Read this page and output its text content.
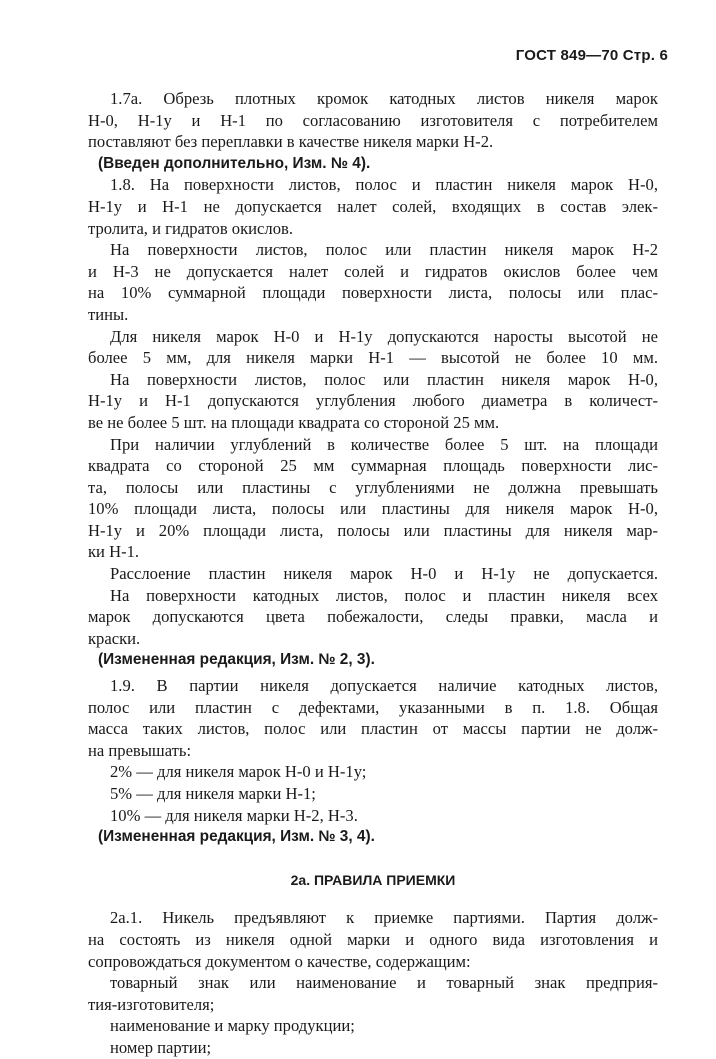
ГОСТ 849—70 Стр. 6
1.7а. Обрезь плотных кромок катодных листов никеля марок
Н-0, Н-1у и Н-1 по согласованию изготовителя с потребителем
поставляют без переплавки в качестве никеля марки Н-2.
(Введен дополнительно, Изм. № 4).
1.8. На поверхности листов, полос и пластин никеля марок Н-0,
Н-1у и Н-1 не допускается налет солей, входящих в состав элек-
тролита, и гидратов окислов.
На поверхности листов, полос или пластин никеля марок Н-2
и Н-3 не допускается налет солей и гидратов окислов более чем
на 10% суммарной площади поверхности листа, полосы или плас-
тины.
Для никеля марок Н-0 и Н-1у допускаются наросты высотой не
более 5 мм, для никеля марки Н-1 — высотой не более 10 мм.
На поверхности листов, полос или пластин никеля марок Н-0,
Н-1у и Н-1 допускаются углубления любого диаметра в количест-
ве не более 5 шт. на площади квадрата со стороной 25 мм.
При наличии углублений в количестве более 5 шт. на площади
квадрата со стороной 25 мм суммарная площадь поверхности лис-
та, полосы или пластины с углублениями не должна превышать
10% площади листа, полосы или пластины для никеля марок Н-0,
Н-1у и 20% площади листа, полосы или пластины для никеля мар-
ки Н-1.
Расслоение пластин никеля марок Н-0 и Н-1у не допускается.
На поверхности катодных листов, полос и пластин никеля всех
марок допускаются цвета побежалости, следы правки, масла и
краски.
(Измененная редакция, Изм. № 2, 3).
1.9. В партии никеля допускается наличие катодных листов,
полос или пластин с дефектами, указанными в п. 1.8. Общая
масса таких листов, полос или пластин от массы партии не долж-
на превышать:
2% — для никеля марок Н-0 и Н-1у;
5% — для никеля марки Н-1;
10% — для никеля марки Н-2, Н-3.
(Измененная редакция, Изм. № 3, 4).
2а. ПРАВИЛА ПРИЕМКИ
2а.1. Никель предъявляют к приемке партиями. Партия долж-
на состоять из никеля одной марки и одного вида изготовления и
сопровождаться документом о качестве, содержащим:
товарный знак или наименование и товарный знак предприя-
тия-изготовителя;
наименование и марку продукции;
номер партии;
